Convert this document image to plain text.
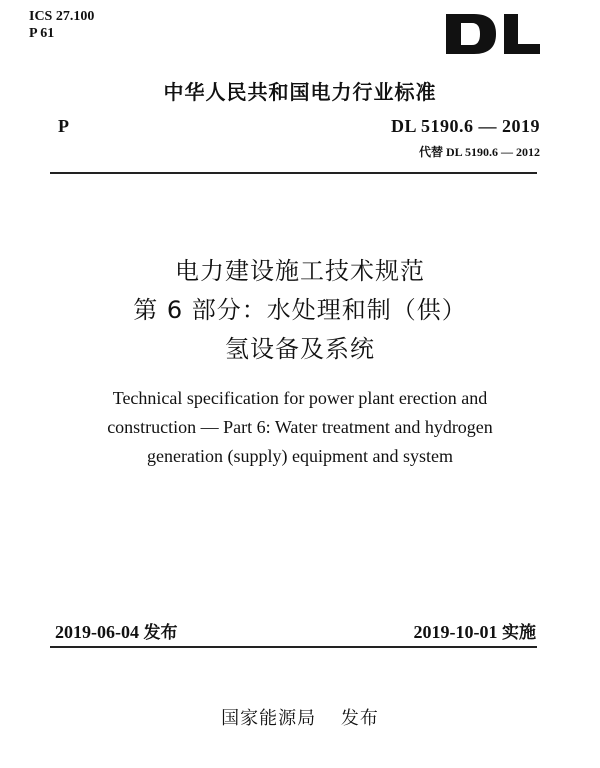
ICS 27.100
P 61
中华人民共和国电力行业标准
P	DL 5190.6 — 2019
代替 DL 5190.6 — 2012
电力建设施工技术规范
第 6 部分：水处理和制（供）
氢设备及系统
Technical specification for power plant erection and
construction — Part 6: Water treatment and hydrogen
generation (supply) equipment and system
2019-06-04 发布	2019-10-01 实施
国家能源局 发布
